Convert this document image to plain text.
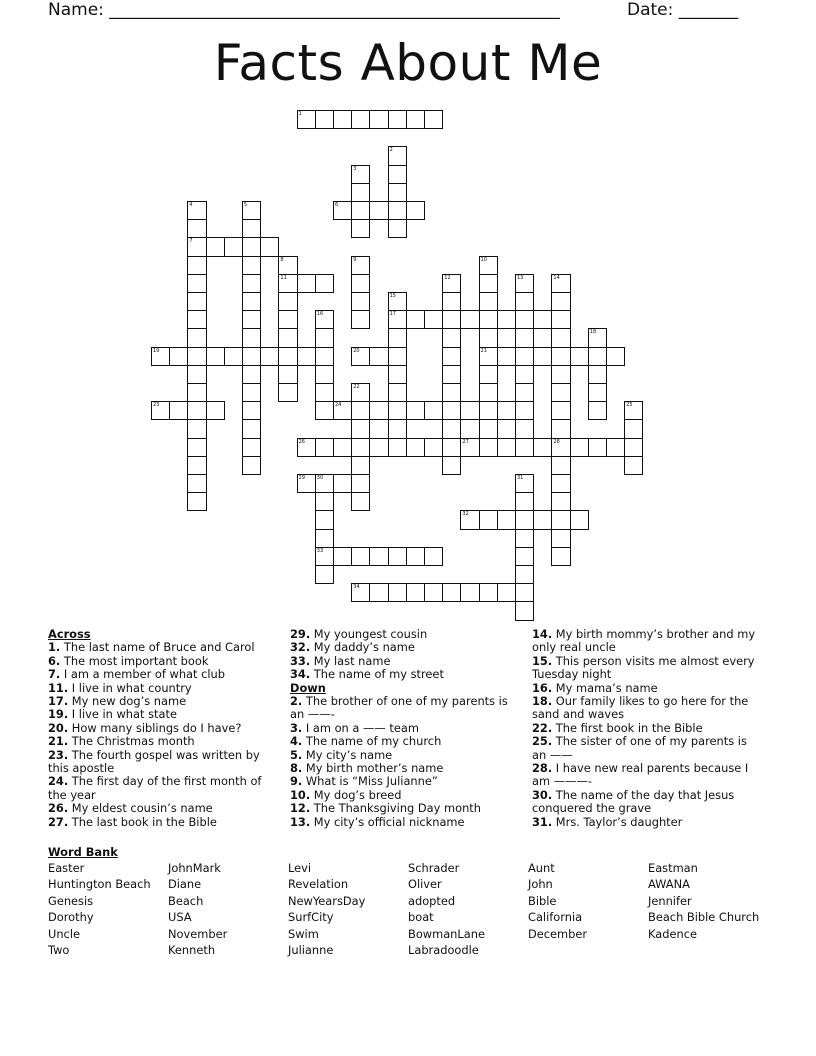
Name: _____________________________________________________	Date: _______
Facts About Me
1
2
3
4
7
5	6
8
11
9	10
21
12	13	14
15
17
16
18
19	20
22
23	24	25
26	27	28
29 30
33
31
32
34

Across

1. The last name of Bruce and Carol

6. The most important book

7. I am a member of what club

11. I live in what country

17. My new dog’s name

19. I live in what state

20. How many siblings do I have?

21. The Christmas month

23. The fourth gospel was written by this apostle

24. The first day of the first month of the year

26. My eldest cousin’s name

27. The last book in the Bible

29. My youngest cousin

32. My daddy’s name

33. My last name

34. The name of my street

Down

2. The brother of one of my parents is an ——-

3. I am on a —— team

4. The name of my church

5. My city’s name

8. My birth mother’s name

9. What is “Miss Julianne”

10. My dog’s breed

12. The Thanksgiving Day month

13. My city’s official nickname

14. My birth mommy’s brother and my only real uncle

15. This person visits me almost every Tuesday night

16. My mama’s name

18. Our family likes to go here for the sand and waves

22. The first book in the Bible

25. The sister of one of my parents is an ——

28. I have new real parents because I am ———-

30. The name of the day that Jesus conquered the grave

31. Mrs. Taylor’s daughter

Word Bank
Easter	JohnMark	Levi	Schrader	Aunt	Eastman
Huntington Beach	Diane	Revelation	Oliver	John	AWANA
Genesis	Beach	NewYearsDay	adopted	Bible	Jennifer
Dorothy	USA	SurfCity	boat	California	Beach Bible Church
Uncle	November	Swim	BowmanLane	December	Kadence
Two	Kenneth	Julianne	Labradoodle
